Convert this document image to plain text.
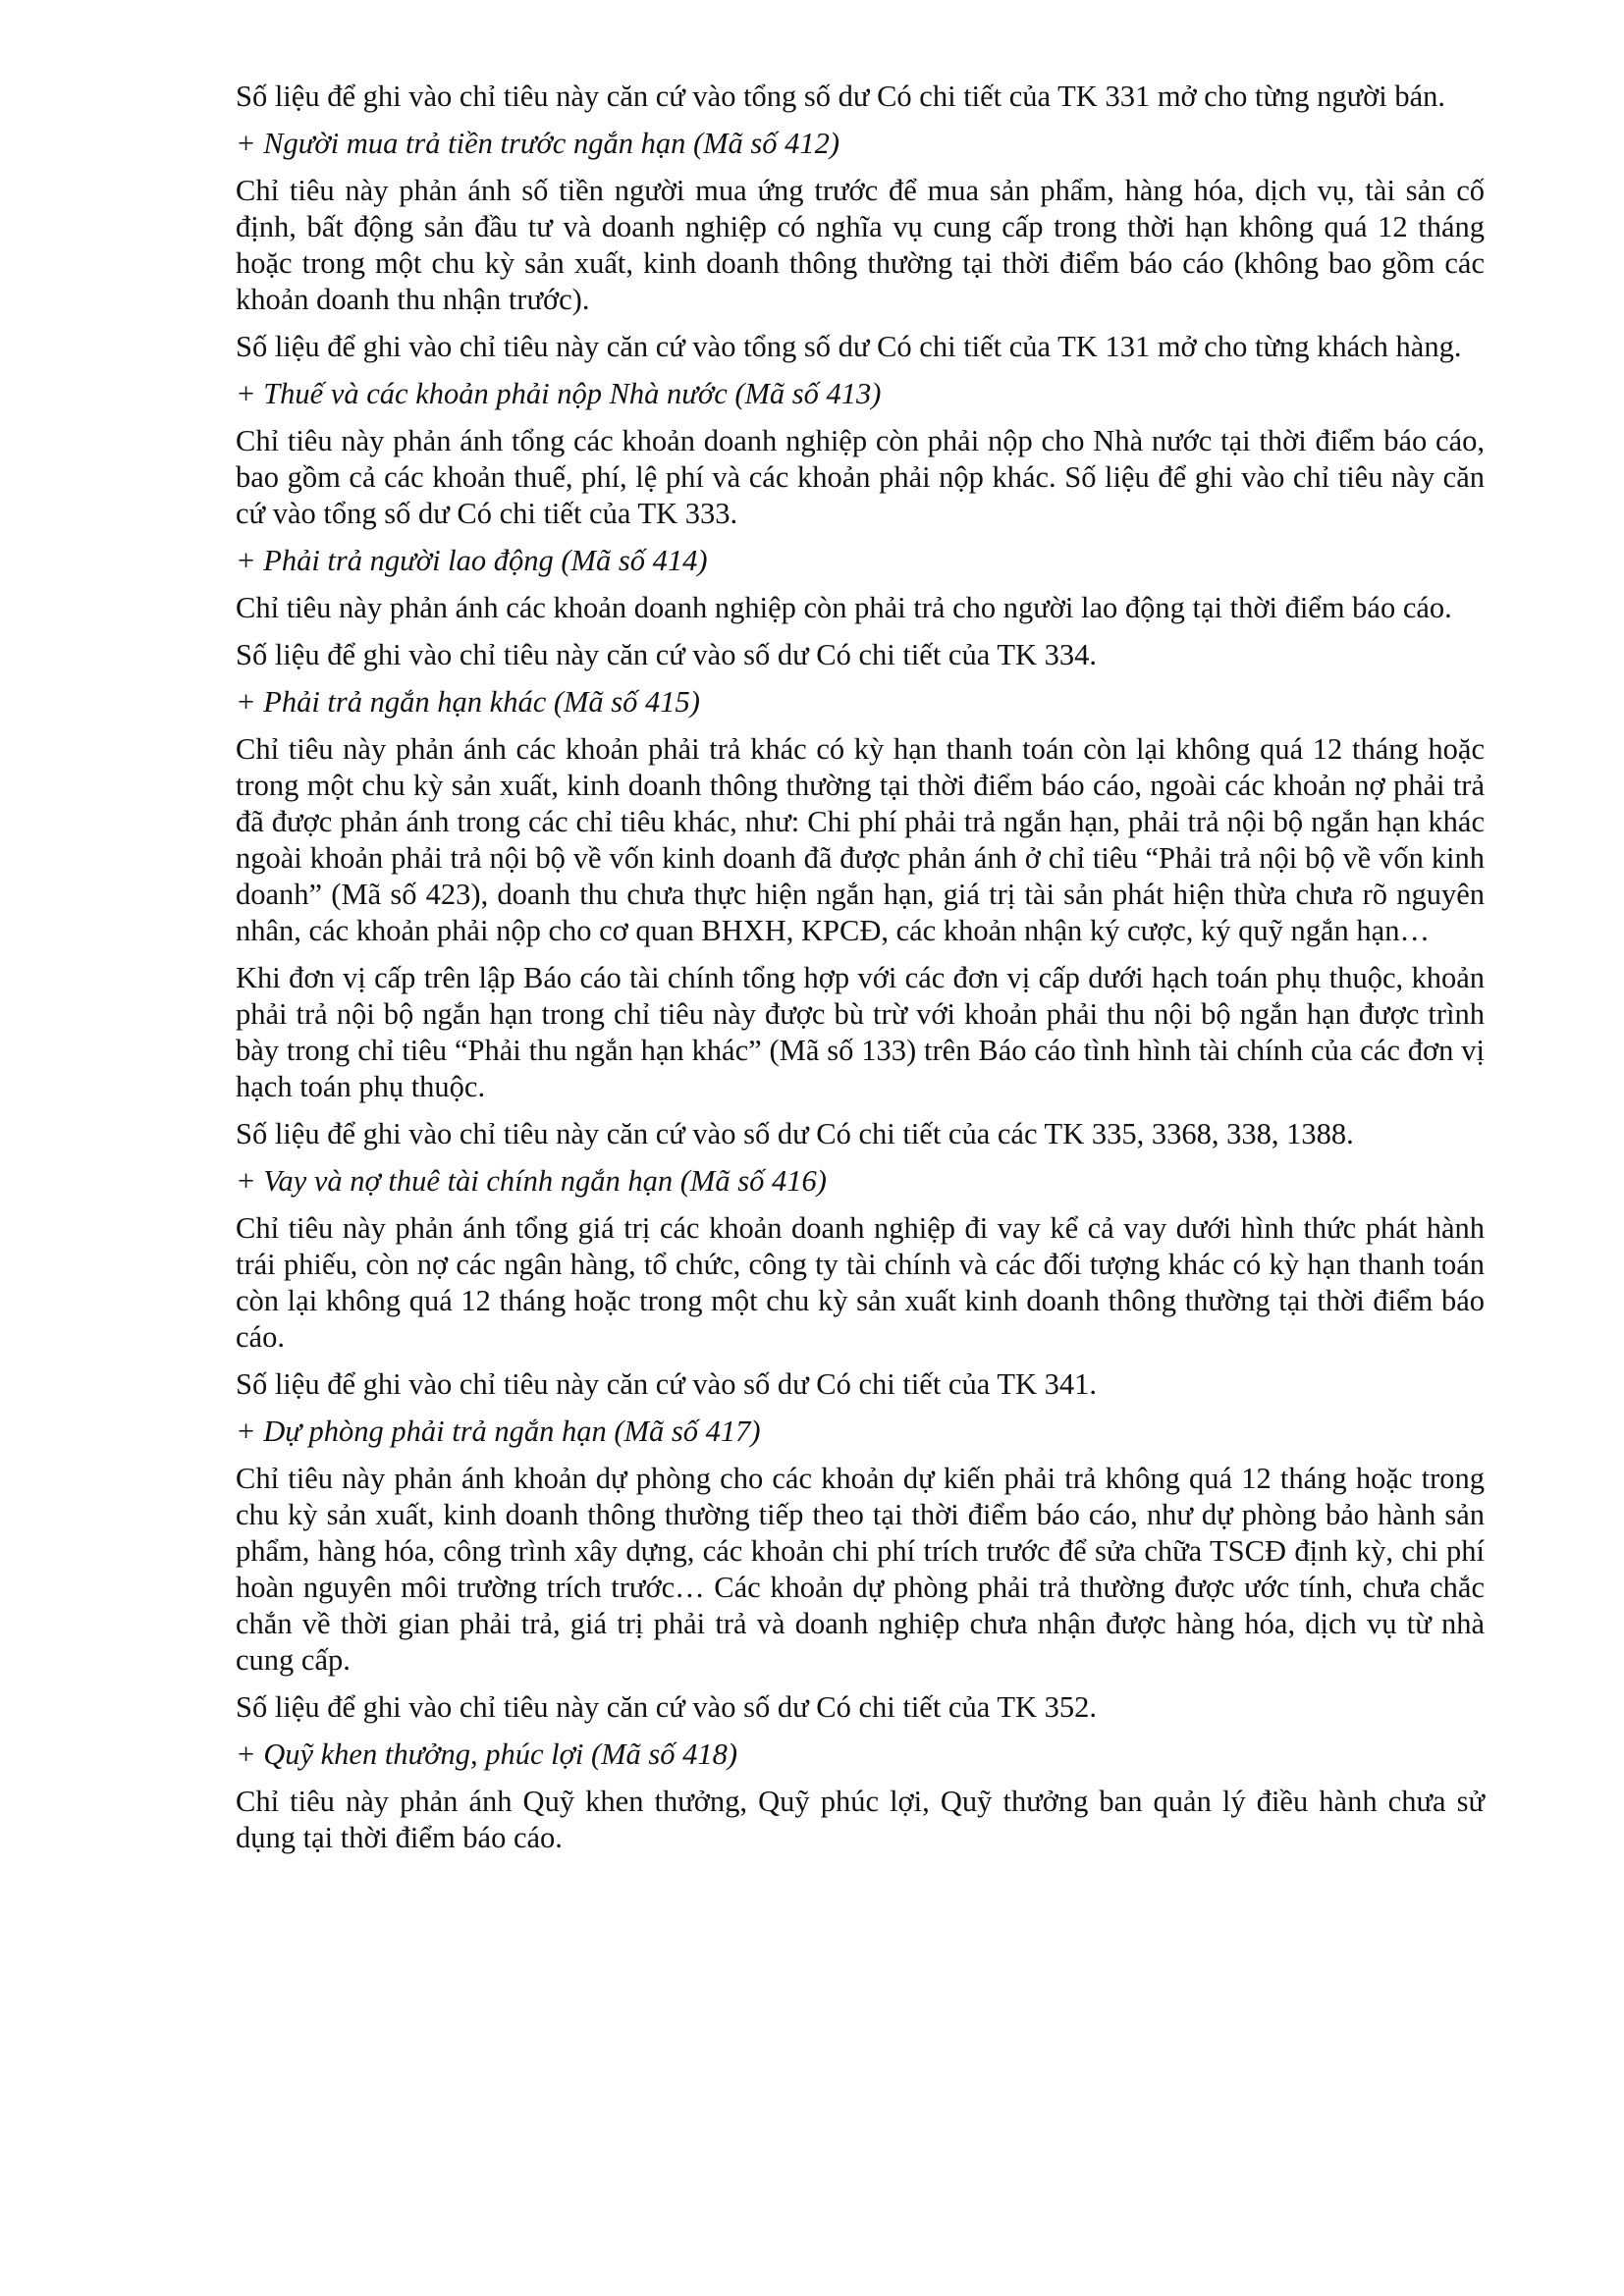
Số liệu để ghi vào chỉ tiêu này căn cứ vào tổng số dư Có chi tiết của TK 331 mở cho từng người bán.

+ Người mua trả tiền trước ngắn hạn (Mã số 412)

Chỉ tiêu này phản ánh số tiền người mua ứng trước để mua sản phẩm, hàng hóa, dịch vụ, tài sản cố định, bất động sản đầu tư và doanh nghiệp có nghĩa vụ cung cấp trong thời hạn không quá 12 tháng hoặc trong một chu kỳ sản xuất, kinh doanh thông thường tại thời điểm báo cáo (không bao gồm các khoản doanh thu nhận trước).

Số liệu để ghi vào chỉ tiêu này căn cứ vào tổng số dư Có chi tiết của TK 131 mở cho từng khách hàng.

+ Thuế và các khoản phải nộp Nhà nước (Mã số 413)

Chỉ tiêu này phản ánh tổng các khoản doanh nghiệp còn phải nộp cho Nhà nước tại thời điểm báo cáo, bao gồm cả các khoản thuế, phí, lệ phí và các khoản phải nộp khác. Số liệu để ghi vào chỉ tiêu này căn cứ vào tổng số dư Có chi tiết của TK 333.

+ Phải trả người lao động (Mã số 414)

Chỉ tiêu này phản ánh các khoản doanh nghiệp còn phải trả cho người lao động tại thời điểm báo cáo.

Số liệu để ghi vào chỉ tiêu này căn cứ vào số dư Có chi tiết của TK 334.

+ Phải trả ngắn hạn khác (Mã số 415)

Chỉ tiêu này phản ánh các khoản phải trả khác có kỳ hạn thanh toán còn lại không quá 12 tháng hoặc trong một chu kỳ sản xuất, kinh doanh thông thường tại thời điểm báo cáo, ngoài các khoản nợ phải trả đã được phản ánh trong các chỉ tiêu khác, như: Chi phí phải trả ngắn hạn, phải trả nội bộ ngắn hạn khác ngoài khoản phải trả nội bộ về vốn kinh doanh đã được phản ánh ở chỉ tiêu “Phải trả nội bộ về vốn kinh doanh” (Mã số 423), doanh thu chưa thực hiện ngắn hạn, giá trị tài sản phát hiện thừa chưa rõ nguyên nhân, các khoản phải nộp cho cơ quan BHXH, KPCĐ, các khoản nhận ký cược, ký quỹ ngắn hạn…

Khi đơn vị cấp trên lập Báo cáo tài chính tổng hợp với các đơn vị cấp dưới hạch toán phụ thuộc, khoản phải trả nội bộ ngắn hạn trong chỉ tiêu này được bù trừ với khoản phải thu nội bộ ngắn hạn được trình bày trong chỉ tiêu “Phải thu ngắn hạn khác” (Mã số 133) trên Báo cáo tình hình tài chính của các đơn vị hạch toán phụ thuộc.

Số liệu để ghi vào chỉ tiêu này căn cứ vào số dư Có chi tiết của các TK 335, 3368, 338, 1388.

+ Vay và nợ thuê tài chính ngắn hạn (Mã số 416)

Chỉ tiêu này phản ánh tổng giá trị các khoản doanh nghiệp đi vay kể cả vay dưới hình thức phát hành trái phiếu, còn nợ các ngân hàng, tổ chức, công ty tài chính và các đối tượng khác có kỳ hạn thanh toán còn lại không quá 12 tháng hoặc trong một chu kỳ sản xuất kinh doanh thông thường tại thời điểm báo cáo.

Số liệu để ghi vào chỉ tiêu này căn cứ vào số dư Có chi tiết của TK 341.

+ Dự phòng phải trả ngắn hạn (Mã số 417)

Chỉ tiêu này phản ánh khoản dự phòng cho các khoản dự kiến phải trả không quá 12 tháng hoặc trong chu kỳ sản xuất, kinh doanh thông thường tiếp theo tại thời điểm báo cáo, như dự phòng bảo hành sản phẩm, hàng hóa, công trình xây dựng, các khoản chi phí trích trước để sửa chữa TSCĐ định kỳ, chi phí hoàn nguyên môi trường trích trước… Các khoản dự phòng phải trả thường được ước tính, chưa chắc chắn về thời gian phải trả, giá trị phải trả và doanh nghiệp chưa nhận được hàng hóa, dịch vụ từ nhà cung cấp.

Số liệu để ghi vào chỉ tiêu này căn cứ vào số dư Có chi tiết của TK 352.

+ Quỹ khen thưởng, phúc lợi (Mã số 418)

Chỉ tiêu này phản ánh Quỹ khen thưởng, Quỹ phúc lợi, Quỹ thưởng ban quản lý điều hành chưa sử dụng tại thời điểm báo cáo.
